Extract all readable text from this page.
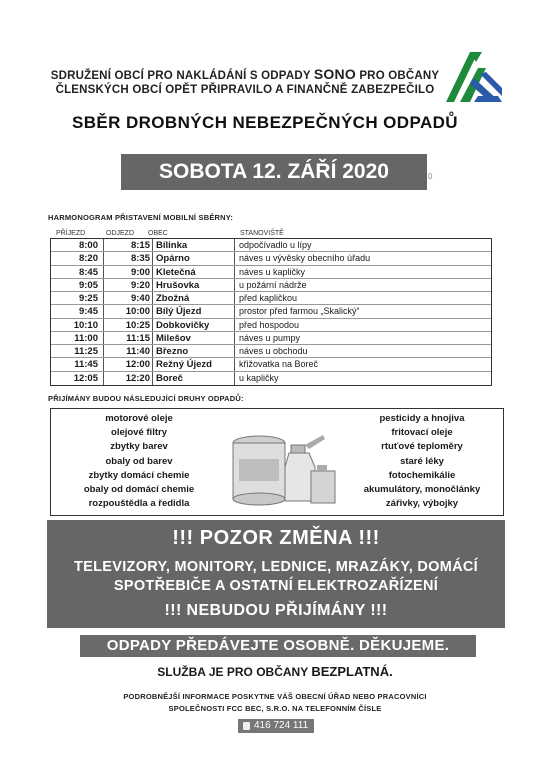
SDRUŽENÍ OBCÍ PRO NAKLÁDÁNÍ S ODPADY SONO PRO OBČANY
ČLENSKÝCH OBCÍ OPĚT PŘIPRAVILO A FINANČNĚ ZABEZPEČILO
SBĚR DROBNÝCH NEBEZPEČNÝCH ODPADŮ
SOBOTA 12. ZÁŘÍ 2020	0
HARMONOGRAM PŘISTAVENÍ MOBILNÍ SBĚRNY:
PŘÍJEZD	ODJEZD OBEC	STANOVIŠTĚ
8:00	8:15 Bílinka	odpočívadlo u lípy
8:20	8:35 Opárno	náves u vývěsky obecního úřadu
8:45	9:00 Kletečná	náves u kapličky
9:05	9:20 Hrušovka	u požární nádrže
9:25	9:40 Zbožná	před kapličkou
9:45	10:00 Bílý Újezd	prostor před farmou „Skalický“
10:10	10:25 Dobkovičky	před hospodou
11:00	11:15 Milešov	náves u pumpy
11:25	11:40 Březno	náves u obchodu
11:45	12:00 Režný Újezd	křižovatka na Boreč
12:05	12:20 Boreč	u kapličky
PŘIJÍMÁNY BUDOU NÁSLEDUJÍCÍ DRUHY ODPADŮ:
motorové oleje
olejové filtry
zbytky barev
obaly od barev
zbytky domácí chemie
obaly od domácí chemie
rozpouštědla a ředidla
pesticidy a hnojiva
fritovací oleje
rtuťové teploměry
staré léky
fotochemikálie
akumulátory, monočlánky
zářivky, výbojky
!!! POZOR ZMĚNA !!!
TELEVIZORY, MONITORY, LEDNICE, MRAZÁKY, DOMÁCÍ
SPOTŘEBIČE A OSTATNÍ ELEKTROZAŘÍZENÍ
!!! NEBUDOU PŘIJÍMÁNY !!!
ODPADY PŘEDÁVEJTE OSOBNĚ. DĚKUJEME.
SLUŽBA JE PRO OBČANY BEZPLATNÁ.
PODROBNĚJŠÍ INFORMACE POSKYTNE VÁŠ OBECNÍ ÚŘAD NEBO PRACOVNÍCI
SPOLEČNOSTI FCC BEC, S.R.O. NA TELEFONNÍM ČÍSLE
416 724 111
